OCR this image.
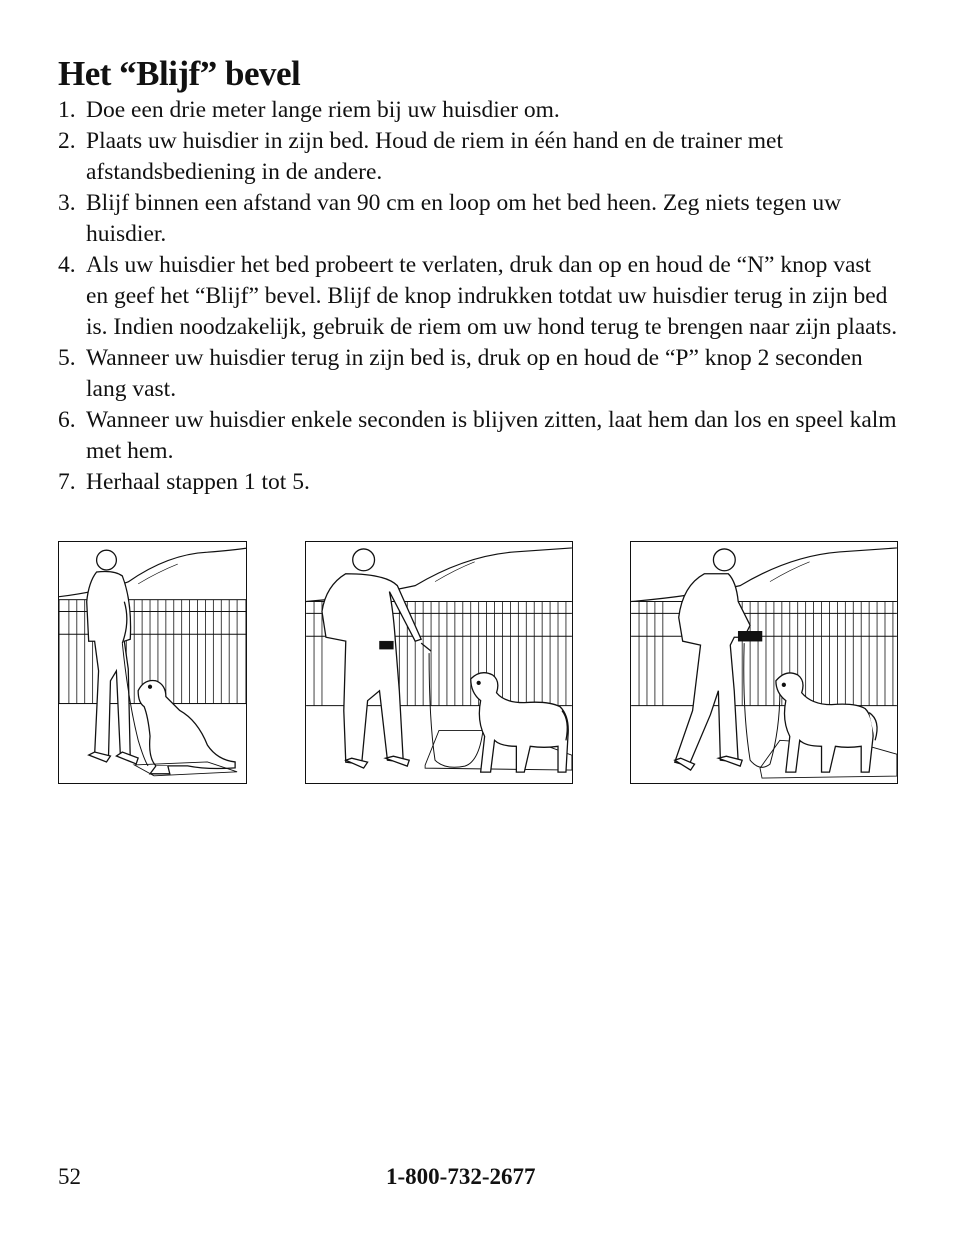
Het “Blijf” bevel
1. Doe een drie meter lange riem bij uw huisdier om.
2. Plaats uw huisdier in zijn bed. Houd de riem in één hand en de trainer met afstandsbediening in de andere.
3. Blijf binnen een afstand van 90 cm en loop om het bed heen. Zeg niets tegen uw huisdier.
4. Als uw huisdier het bed probeert te verlaten, druk dan op en houd de “N” knop vast en geef het “Blijf” bevel. Blijf de knop indrukken totdat uw huisdier terug in zijn bed is. Indien noodzakelijk, gebruik de riem om uw hond terug te brengen naar zijn plaats.
5. Wanneer uw huisdier terug in zijn bed is, druk op en houd de “P” knop 2 seconden lang vast.
6. Wanneer uw huisdier enkele seconden is blijven zitten, laat hem dan los en speel kalm met hem.
7. Herhaal stappen 1 tot 5.
52	1-800-732-2677
